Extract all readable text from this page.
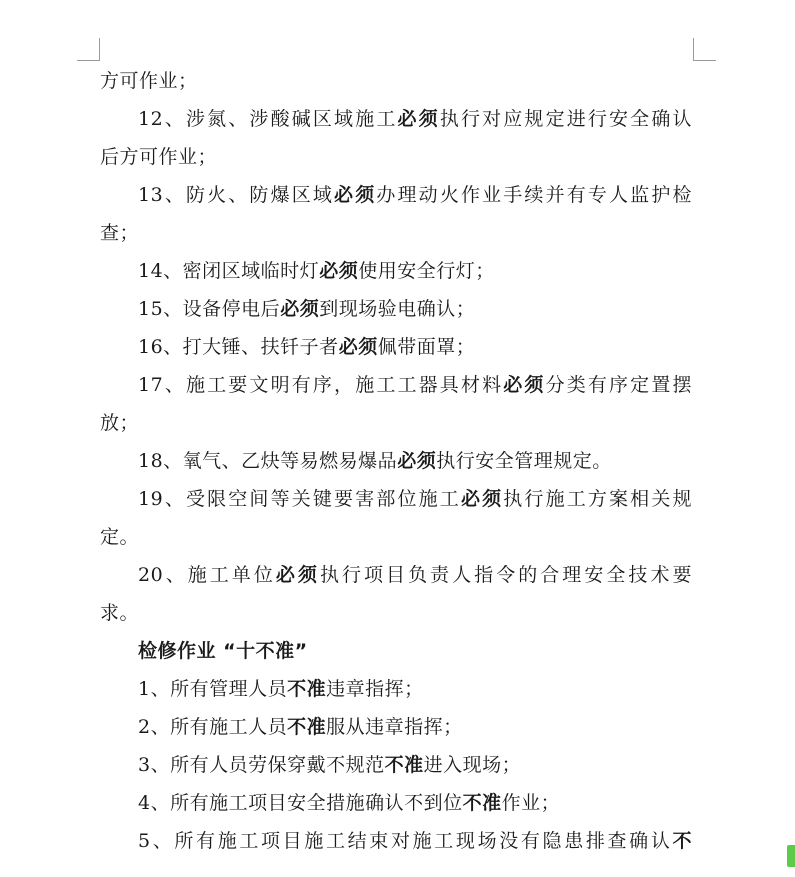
方可作业；
12、涉氮、涉酸碱区域施工必须执行对应规定进行安全确认
后方可作业；
13、防火、防爆区域必须办理动火作业手续并有专人监护检
查；
14、密闭区域临时灯必须使用安全行灯；
15、设备停电后必须到现场验电确认；
16、打大锤、扶钎子者必须佩带面罩；
17、施工要文明有序，施工工器具材料必须分类有序定置摆
放；
18、氧气、乙炔等易燃易爆品必须执行安全管理规定。
19、受限空间等关键要害部位施工必须执行施工方案相关规
定。
20、施工单位必须执行项目负责人指令的合理安全技术要
求。
检修作业 “十不准”
1、所有管理人员不准违章指挥；
2、所有施工人员不准服从违章指挥；
3、所有人员劳保穿戴不规范不准进入现场；
4、所有施工项目安全措施确认不到位不准作业；
5、所有施工项目施工结束对施工现场没有隐患排查确认不
